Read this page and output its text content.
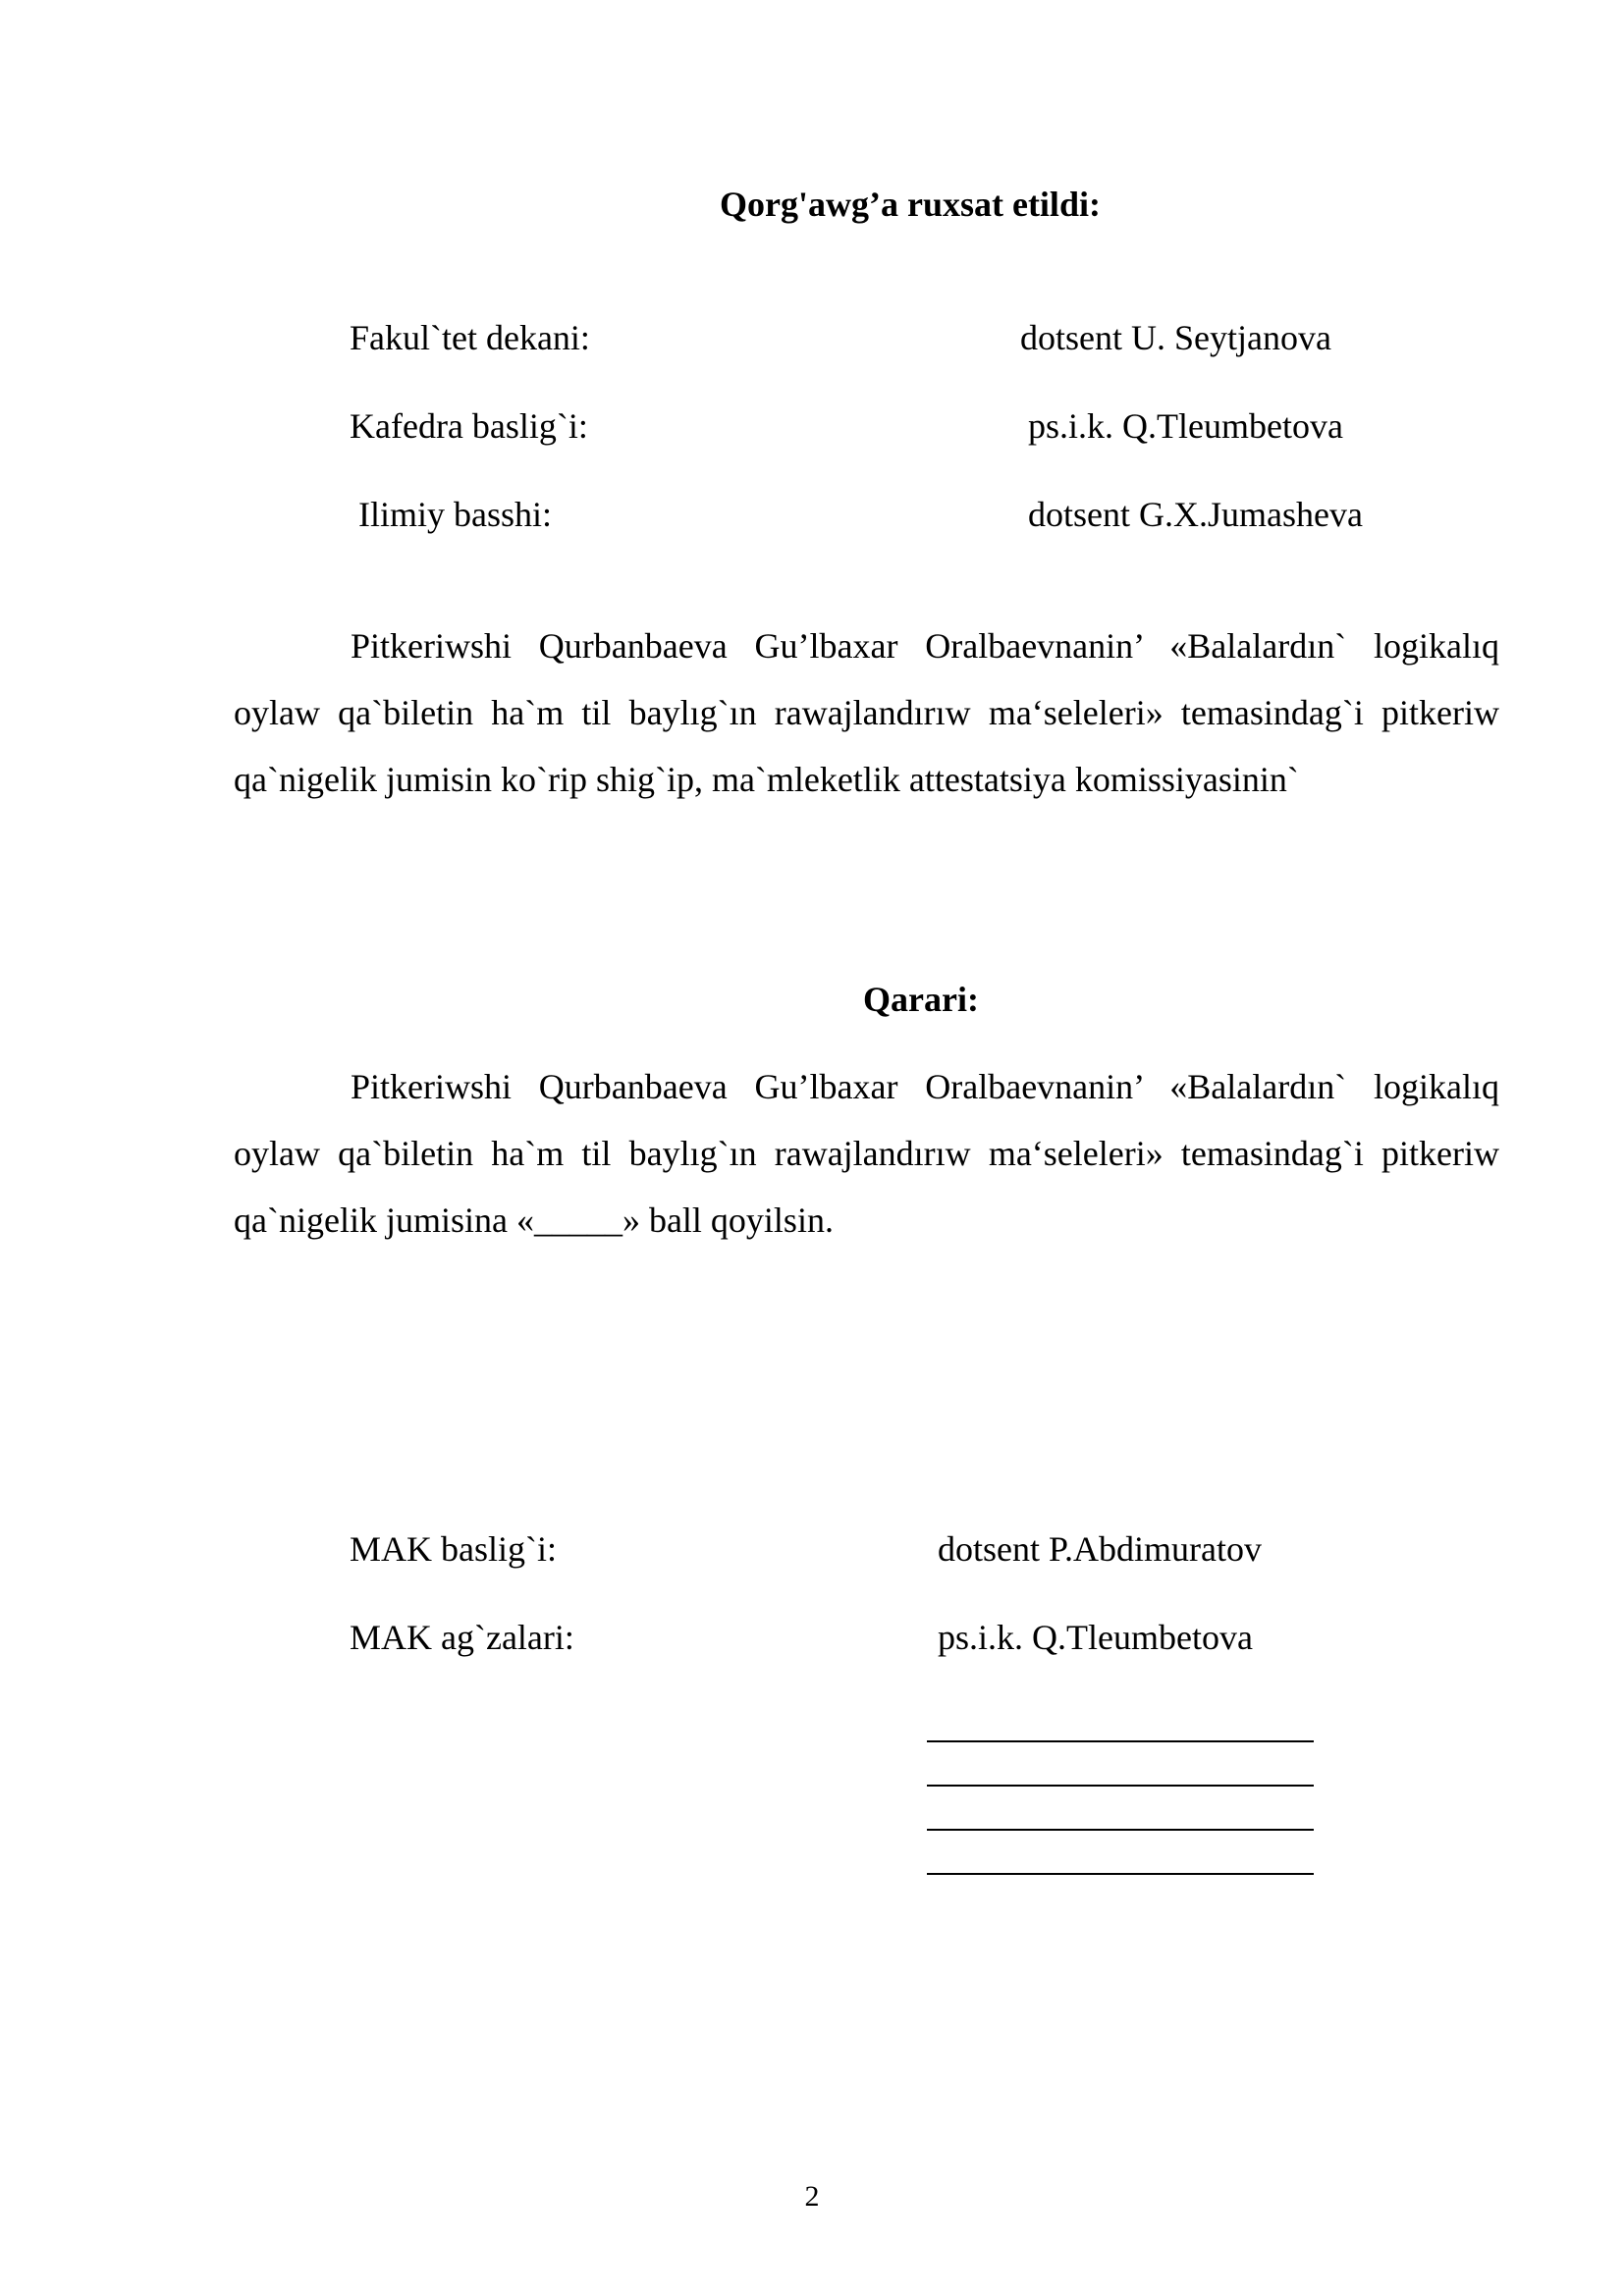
Qorg'awg’a ruxsat etildi:
Fakul`tet dekani:	dotsent U. Seytjanova
Kafedra baslig`i:	ps.i.k. Q.Tleumbetova
Ilimiy basshi:	dotsent G.X.Jumasheva

Pitkeriwshi Qurbanbaeva Gu’lbaxar Oralbaevnanin’ «Balalardın` logikalıq oylaw qa`biletin ha`m til baylıg`ın rawajlandırıw ma‘seleleri» temasindag`i pitkeriw qa`nigelik jumisin ko`rip shig`ip, ma`mleketlik attestatsiya komissiyasinin`

Qarari:

Pitkeriwshi Qurbanbaeva Gu’lbaxar Oralbaevnanin’ «Balalardın` logikalıq oylaw qa`biletin ha`m til baylıg`ın rawajlandırıw ma‘seleleri» temasindag`i pitkeriw qa`nigelik jumisina «_____» ball qoyilsin.

MAK baslig`i:	dotsent P.Abdimuratov
MAK ag`zalari:	ps.i.k. Q.Tleumbetova
2
